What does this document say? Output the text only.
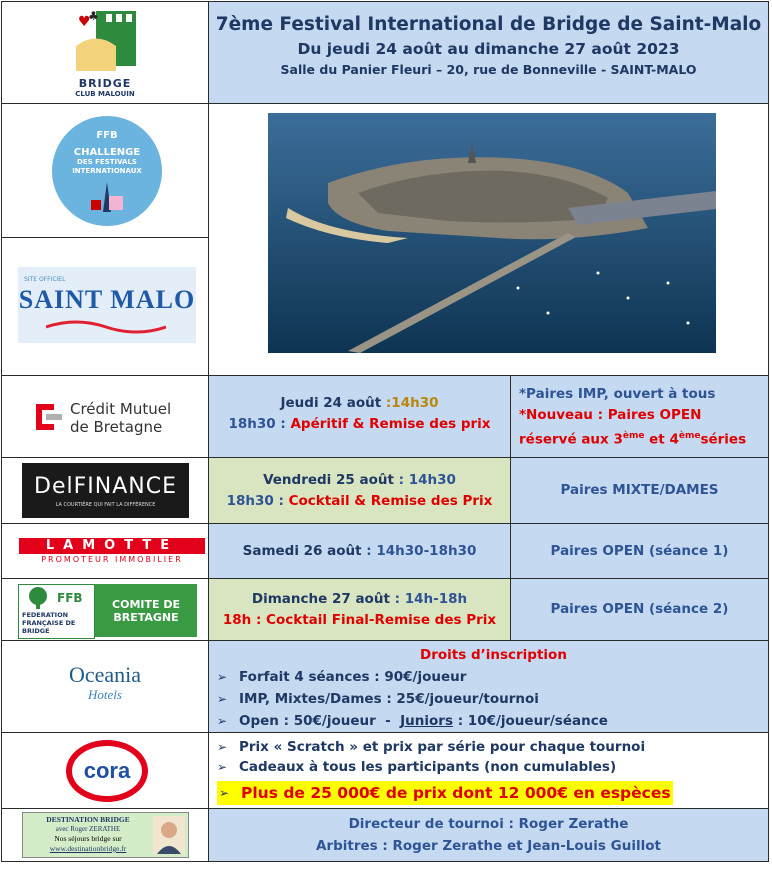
♥
♣
BRIDGE
CLUB MALOUIN
7ème Festival International de Bridge de Saint-Malo
Du jeudi 24 août au dimanche 27 août 2023
Salle du Panier Fleuri – 20, rue de Bonneville - SAINT-MALO
FFB
CHALLENGE
DES FESTIVALS
INTERNATIONAUX
SITE OFFICIEL
SAINT MALO
Crédit Mutuel
de Bretagne
Jeudi 24 août :14h30
18h30 : Apéritif & Remise des prix
*Paires IMP, ouvert à tous
*Nouveau : Paires OPEN
réservé aux 3ème et 4èmeséries
DelFINANCE
LA COURTIÈRE QUI FAIT LA DIFFÉRENCE
Vendredi 25 août : 14h30
18h30 : Cocktail & Remise des Prix
Paires MIXTE/DAMES
LAMOTTE
PROMOTEUR IMMOBILIER
Samedi 26 août : 14h30-18h30	Paires OPEN (séance 1)
FFB
FEDERATION FRANÇAISE DE BRIDGE
COMITE DE BRETAGNE
Dimanche 27 août : 14h-18h
18h : Cocktail Final-Remise des Prix
Paires OPEN (séance 2)
Oceania
Hotels
Droits d’inscription
➢ Forfait 4 séances : 90€/joueur
➢ IMP, Mixtes/Dames : 25€/joueur/tournoi
➢ Open : 50€/joueur  -  Juniors : 10€/joueur/séance
cora
➢ Prix « Scratch » et prix par série pour chaque tournoi
➢ Cadeaux à tous les participants (non cumulables)
➢ Plus de 25 000€ de prix dont 12 000€ en espèces
DESTINATION BRIDGE
avec Roger ZERATHE
Nos séjours bridge sur
www.destinationbridge.fr
Directeur de tournoi : Roger Zerathe
Arbitres : Roger Zerathe et Jean-Louis Guillot
